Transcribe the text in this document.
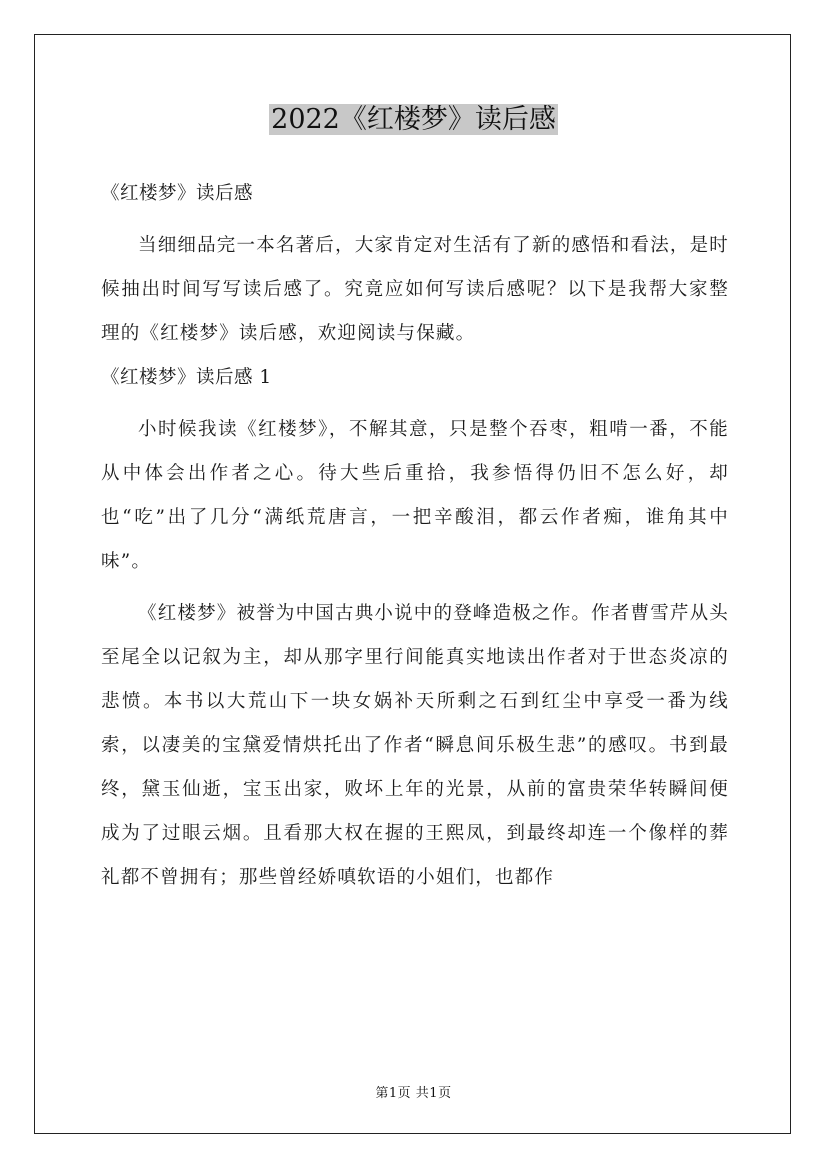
2022《红楼梦》读后感

《红楼梦》读后感

当细细品完一本名著后，大家肯定对生活有了新的感悟和看法，是时候抽出时间写写读后感了。究竟应如何写读后感呢？以下是我帮大家整理的《红楼梦》读后感，欢迎阅读与保藏。

《红楼梦》读后感 1

小时候我读《红楼梦》，不解其意，只是整个吞枣，粗啃一番，不能从中体会出作者之心。待大些后重拾，我参悟得仍旧不怎么好，却也“吃”出了几分“满纸荒唐言，一把辛酸泪，都云作者痴，谁角其中味”。

《红楼梦》被誉为中国古典小说中的登峰造极之作。作者曹雪芹从头至尾全以记叙为主，却从那字里行间能真实地读出作者对于世态炎凉的悲愤。本书以大荒山下一块女娲补天所剩之石到红尘中享受一番为线索，以凄美的宝黛爱情烘托出了作者“瞬息间乐极生悲”的感叹。书到最终，黛玉仙逝，宝玉出家，败坏上年的光景，从前的富贵荣华转瞬间便成为了过眼云烟。且看那大权在握的王熙凤，到最终却连一个像样的葬礼都不曾拥有；那些曾经娇嗔软语的小姐们，也都作

第1页 共1页
